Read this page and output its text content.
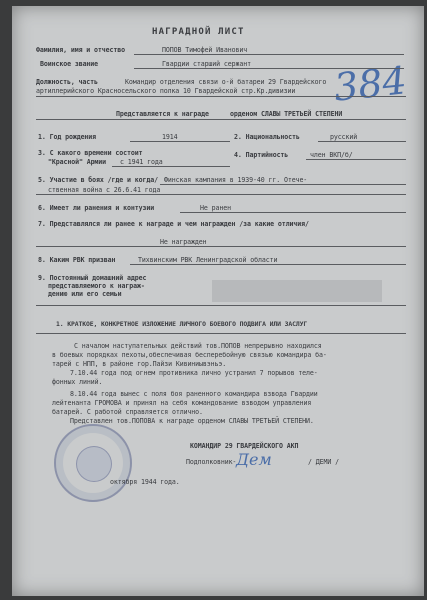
НАГРАДНОЙ ЛИСТ
384
Фамилия, имя и отчество	ПОПОВ Тимофей Иванович
Воинское звание	Гвардии старший сержант
Должность, часть	Командир отделения связи о-й батареи 29 Гвардейского
артиллерийского Красносельского полка 10 Гвардейской стр.Кр.дивизии
Представляется к награде	орденом СЛАВЫ ТРЕТЬЕЙ СТЕПЕНИ
1. Год рождения	1914	2. Национальность	русский
3. С какого времени состоит
"Красной" Армии с 1941 года
4. Партийность	член ВКП/б/
5. Участие в боях /где и когда/ Финская кампания в 1939-40 гг. Отече-
ственная война с 26.6.41 года
6. Имеет ли ранения и контузии	Не ранен
7. Представлялся ли ранее к награде и чем награжден /за какие отличия/
Не награжден
8. Каким РВК призван	Тихвинским РВК Ленинградской области
9. Постоянный домашний адрес
представляемого к награж-
дению или его семьи
1. КРАТКОЕ, КОНКРЕТНОЕ ИЗЛОЖЕНИЕ ЛИЧНОГО БОЕВОГО ПОДВИГА ИЛИ ЗАСЛУГ
С началом наступательных действий тов.ПОПОВ непрерывно находился
в боевых порядках пехоты,обеспечивая бесперебойную связью командира ба-
тарей с НПП, в районе гор.Пайзи Кивиниывэньэ.
7.10.44 года под огнем противника лично устранил 7 порывов теле-
фонных линий.
8.10.44 года вынес с поля боя раненного командира взвода Гвардии
лейтенанта ГРОМОВА и принял на себя командование взводом управления
батарей. С работой справляется отлично.
Представлен тов.ПОПОВА к награде орденом СЛАВЫ ТРЕТЬЕЙ СТЕПЕНИ.
КОМАНДИР 29 ГВАРДЕЙСКОГО АКП
Подполковник- Дем	/ ДЕМИ /
октября 1944 года.
